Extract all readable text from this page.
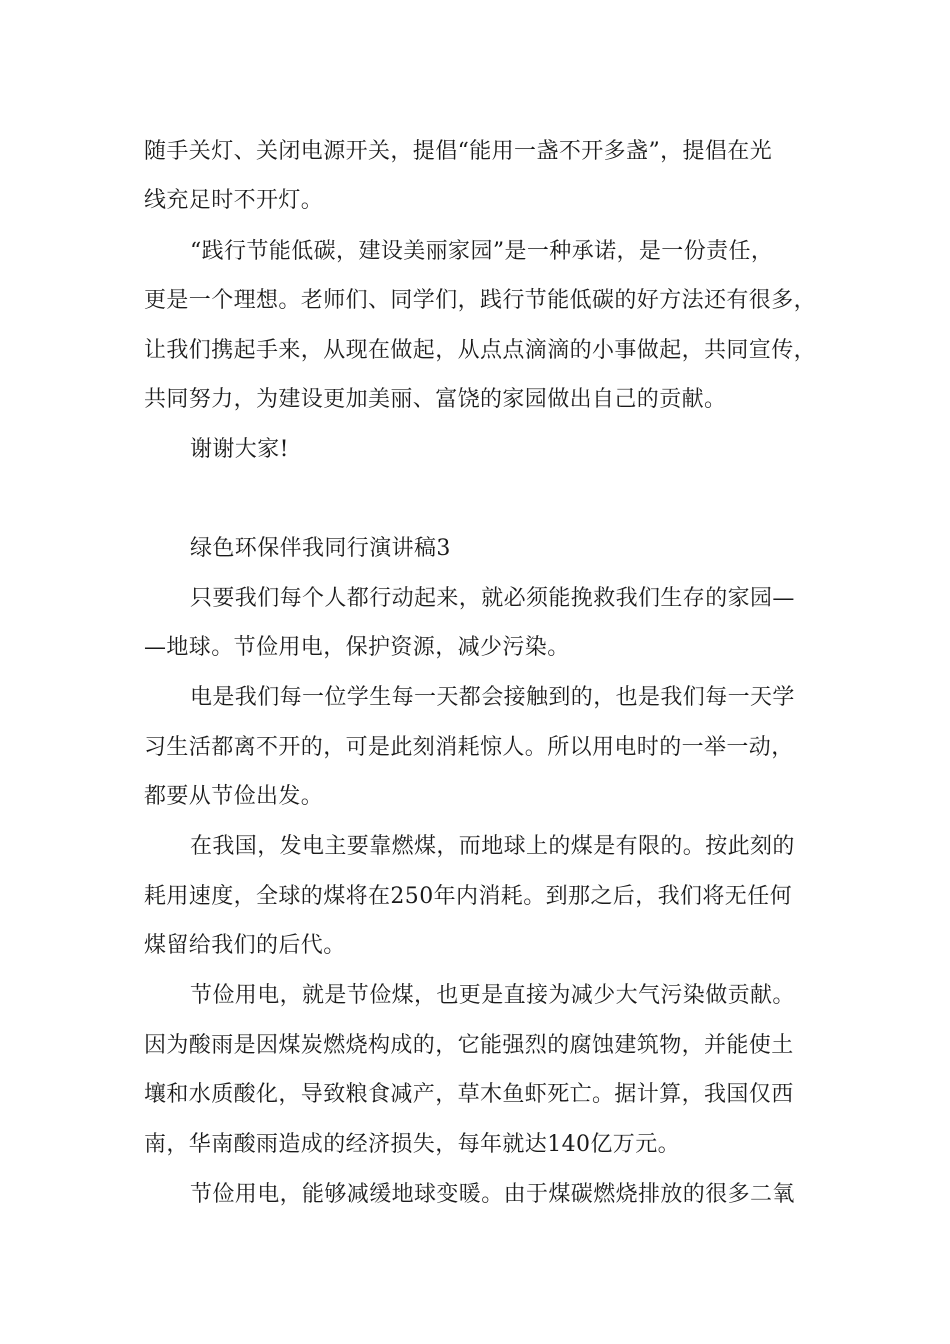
随手关灯、关闭电源开关，提倡“能用一盏不开多盏”，提倡在光
线充足时不开灯。
“践行节能低碳，建设美丽家园”是一种承诺，是一份责任，
更是一个理想。老师们、同学们，践行节能低碳的好方法还有很多，
让我们携起手来，从现在做起，从点点滴滴的小事做起，共同宣传，
共同努力，为建设更加美丽、富饶的家园做出自己的贡献。
谢谢大家!
绿色环保伴我同行演讲稿3
只要我们每个人都行动起来，就必须能挽救我们生存的家园—
—地球。节俭用电，保护资源，减少污染。
电是我们每一位学生每一天都会接触到的，也是我们每一天学
习生活都离不开的，可是此刻消耗惊人。所以用电时的一举一动，
都要从节俭出发。
在我国，发电主要靠燃煤，而地球上的煤是有限的。按此刻的
耗用速度，全球的煤将在250年内消耗。到那之后，我们将无任何
煤留给我们的后代。
节俭用电，就是节俭煤，也更是直接为减少大气污染做贡献。
因为酸雨是因煤炭燃烧构成的，它能强烈的腐蚀建筑物，并能使土
壤和水质酸化，导致粮食减产，草木鱼虾死亡。据计算，我国仅西
南，华南酸雨造成的经济损失，每年就达140亿万元。
节俭用电，能够减缓地球变暖。由于煤碳燃烧排放的很多二氧
